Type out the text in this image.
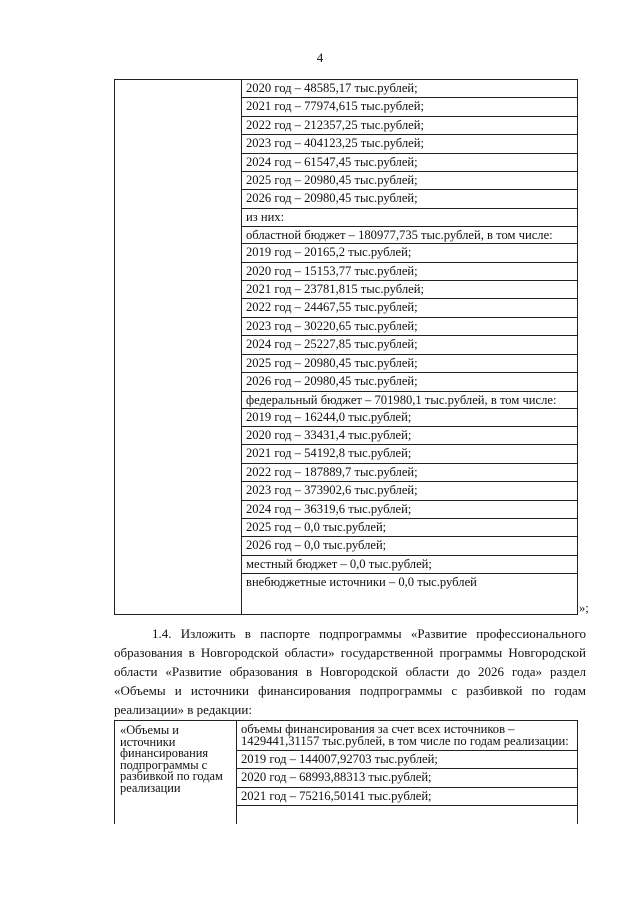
4
2020 год – 48585,17 тыс.рублей;
2021 год – 77974,615 тыс.рублей;
2022 год – 212357,25 тыс.рублей;
2023 год – 404123,25 тыс.рублей;
2024 год – 61547,45 тыс.рублей;
2025 год – 20980,45 тыс.рублей;
2026 год – 20980,45 тыс.рублей;
из них:
областной бюджет – 180977,735 тыс.рублей, в том числе:
2019 год – 20165,2 тыс.рублей;
2020 год – 15153,77 тыс.рублей;
2021 год – 23781,815 тыс.рублей;
2022 год – 24467,55 тыс.рублей;
2023 год – 30220,65 тыс.рублей;
2024 год – 25227,85 тыс.рублей;
2025 год – 20980,45 тыс.рублей;
2026 год – 20980,45 тыс.рублей;
федеральный бюджет – 701980,1 тыс.рублей, в том числе:
2019 год – 16244,0 тыс.рублей;
2020 год – 33431,4 тыс.рублей;
2021 год – 54192,8 тыс.рублей;
2022 год – 187889,7 тыс.рублей;
2023 год – 373902,6 тыс.рублей;
2024 год – 36319,6 тыс.рублей;
2025 год – 0,0 тыс.рублей;
2026 год – 0,0 тыс.рублей;
местный бюджет – 0,0 тыс.рублей;
внебюджетные источники – 0,0 тыс.рублей
»;
1.4. Изложить в паспорте подпрограммы «Развитие профессионального образования в Новгородской области» государственной программы Новгородской области «Развитие образования в Новгородской области до 2026 года» раздел «Объемы и источники финансирования подпрограммы с разбивкой по годам реализации» в редакции:
«Объемы и источники финансирования подпрограммы с разбивкой по годам реализации
объемы финансирования за счет всех источников – 1429441,31157 тыс.рублей, в том числе по годам реализации:
2019 год – 144007,92703 тыс.рублей;
2020 год – 68993,88313 тыс.рублей;
2021 год – 75216,50141 тыс.рублей;
